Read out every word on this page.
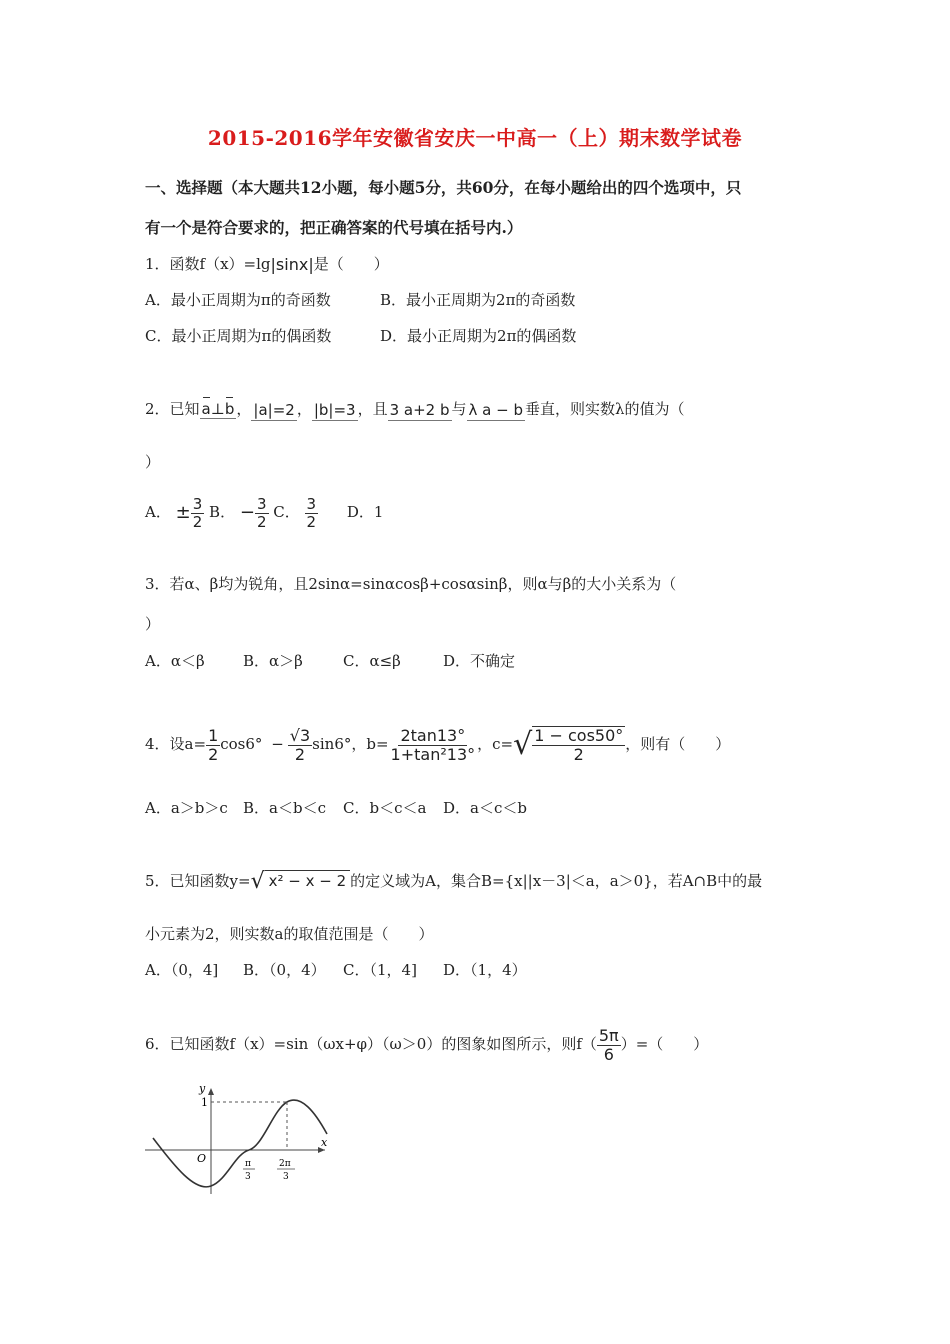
2015-2016学年安徽省安庆一中高一（上）期末数学试卷
一、选择题（本大题共12小题，每小题5分，共60分，在每小题给出的四个选项中，只
有一个是符合要求的，把正确答案的代号填在括号内.）
1．函数f（x）=lg|sinx|是（　　）
A．最小正周期为π的奇函数	B．最小正周期为2π的奇函数
C．最小正周期为π的偶函数	D．最小正周期为2π的偶函数
2．已知 a⊥b ， |a|=2 ， |b|=3 ，且 3 a+2 b 与 λ a − b 垂直，则实数λ的值为（
）
A． ± $\frac{3}{2}$ B． − $\frac{3}{2}$ C． $\frac{3}{2}$ D．1
3．若α、β均为锐角，且2sinα=sinαcosβ+cosαsinβ，则α与β的大小关系为（
）
A．α＜β	B．α＞β	C．α≤β	D．不确定
4．设$a= \frac{1}{2} \cos 6^\circ - \frac{√3}{2} \sin 6^\circ$，$b= \frac{2\tan 13^\circ}{\text{1+tan²13°}}$ ，$c=√ \frac{1 - \cos 50^\circ}{2}$ ，则有（　　）
A．a＞b＞c B．a＜b＜c C．b＜c＜a D．a＜c＜b
5．已知函数y=√ x² − x − 2 的定义域为A，集合B={x||x－3|＜a，a＞0}，若A∩B中的最
小元素为2，则实数a的取值范围是（　　）
A．（0，4] B．（0，4） C．（1，4] D．（1，4）
6．已知函数f（x）=sin（ωx+φ）（ω＞0）的图象如图所示，则$f( \frac{5\pi}{6}$ ）=（　　）
y
x
1
O	π
3
2π
3
